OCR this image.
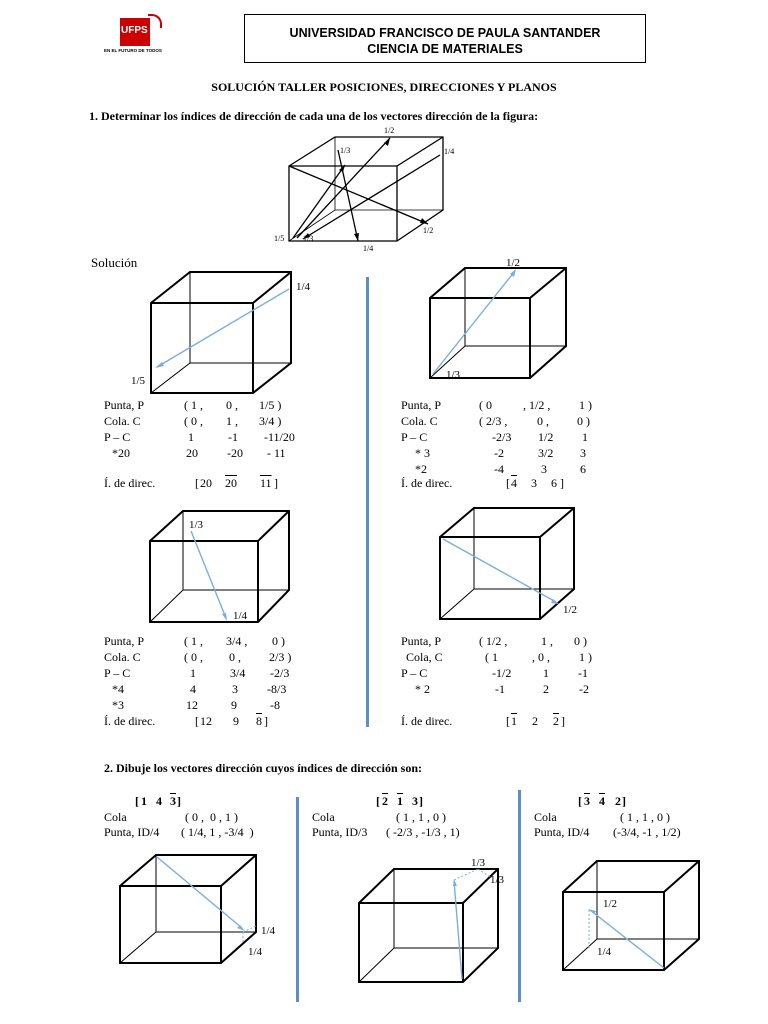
UFPS
EN EL FUTURO DE TODOS
UNIVERSIDAD FRANCISCO DE PAULA SANTANDER
CIENCIA DE MATERIALES
SOLUCIÓN TALLER POSICIONES, DIRECCIONES Y PLANOS
1. Determinar los índices de dirección de cada una de los vectores dirección de la figura:
1/2
1/3	1/4
1/5 1/3
1/4
1/2
Solución
1/4
1/5
1/2
1/3
Punta, P	( 1 , 0 , 1/5 )
Cola. C	( 0 , 1 , 3/4 )
P – C	1	-1 -11/20
*20	20 -20 - 11
Í. de direc.	[ 20 20 11 ]
Punta, P	( 0	, 1/2 , 1 )
Cola. C	( 2/3 , 0 , 0 )
P – C	-2/3 1/2 1
* 3	-2	3/2 3
*2	-4	3	6
Í. de direc.	[ 4 3 6 ]
1/3
1/4	1/2
Punta, P	( 1 , 3/4 , 0 )
Cola. C	( 0 , 0 , 2/3 )
P – C	1	3/4 -2/3
*4	4	3 -8/3
*3	12	9	-8
Í. de direc.	[ 12 9 8 ]
Punta, P	( 1/2 ,	1 , 0 )
Cola, C	( 1	, 0 , 1 )
P – C	-1/2	1 -1
* 2	-1	2	-2
Í. de direc.	[ 1 2 2 ]
2. Dibuje los vectores dirección cuyos índices de dirección son:
[ 1 4 3 ]
Cola	( 0 ,  0 , 1 )
Punta, ID/4 ( 1/4, 1 , -3/4  )
[ 2 1 3 ]
Cola	( 1 , 1 , 0 )
Punta, ID/3 ( -2/3 , -1/3 , 1)
[ 3 4 2 ]
Cola	( 1 , 1 , 0 )
Punta, ID/4 (-3/4, -1 , 1/2)
1/4
1/4
1/3
1/3
1/2
1/4
